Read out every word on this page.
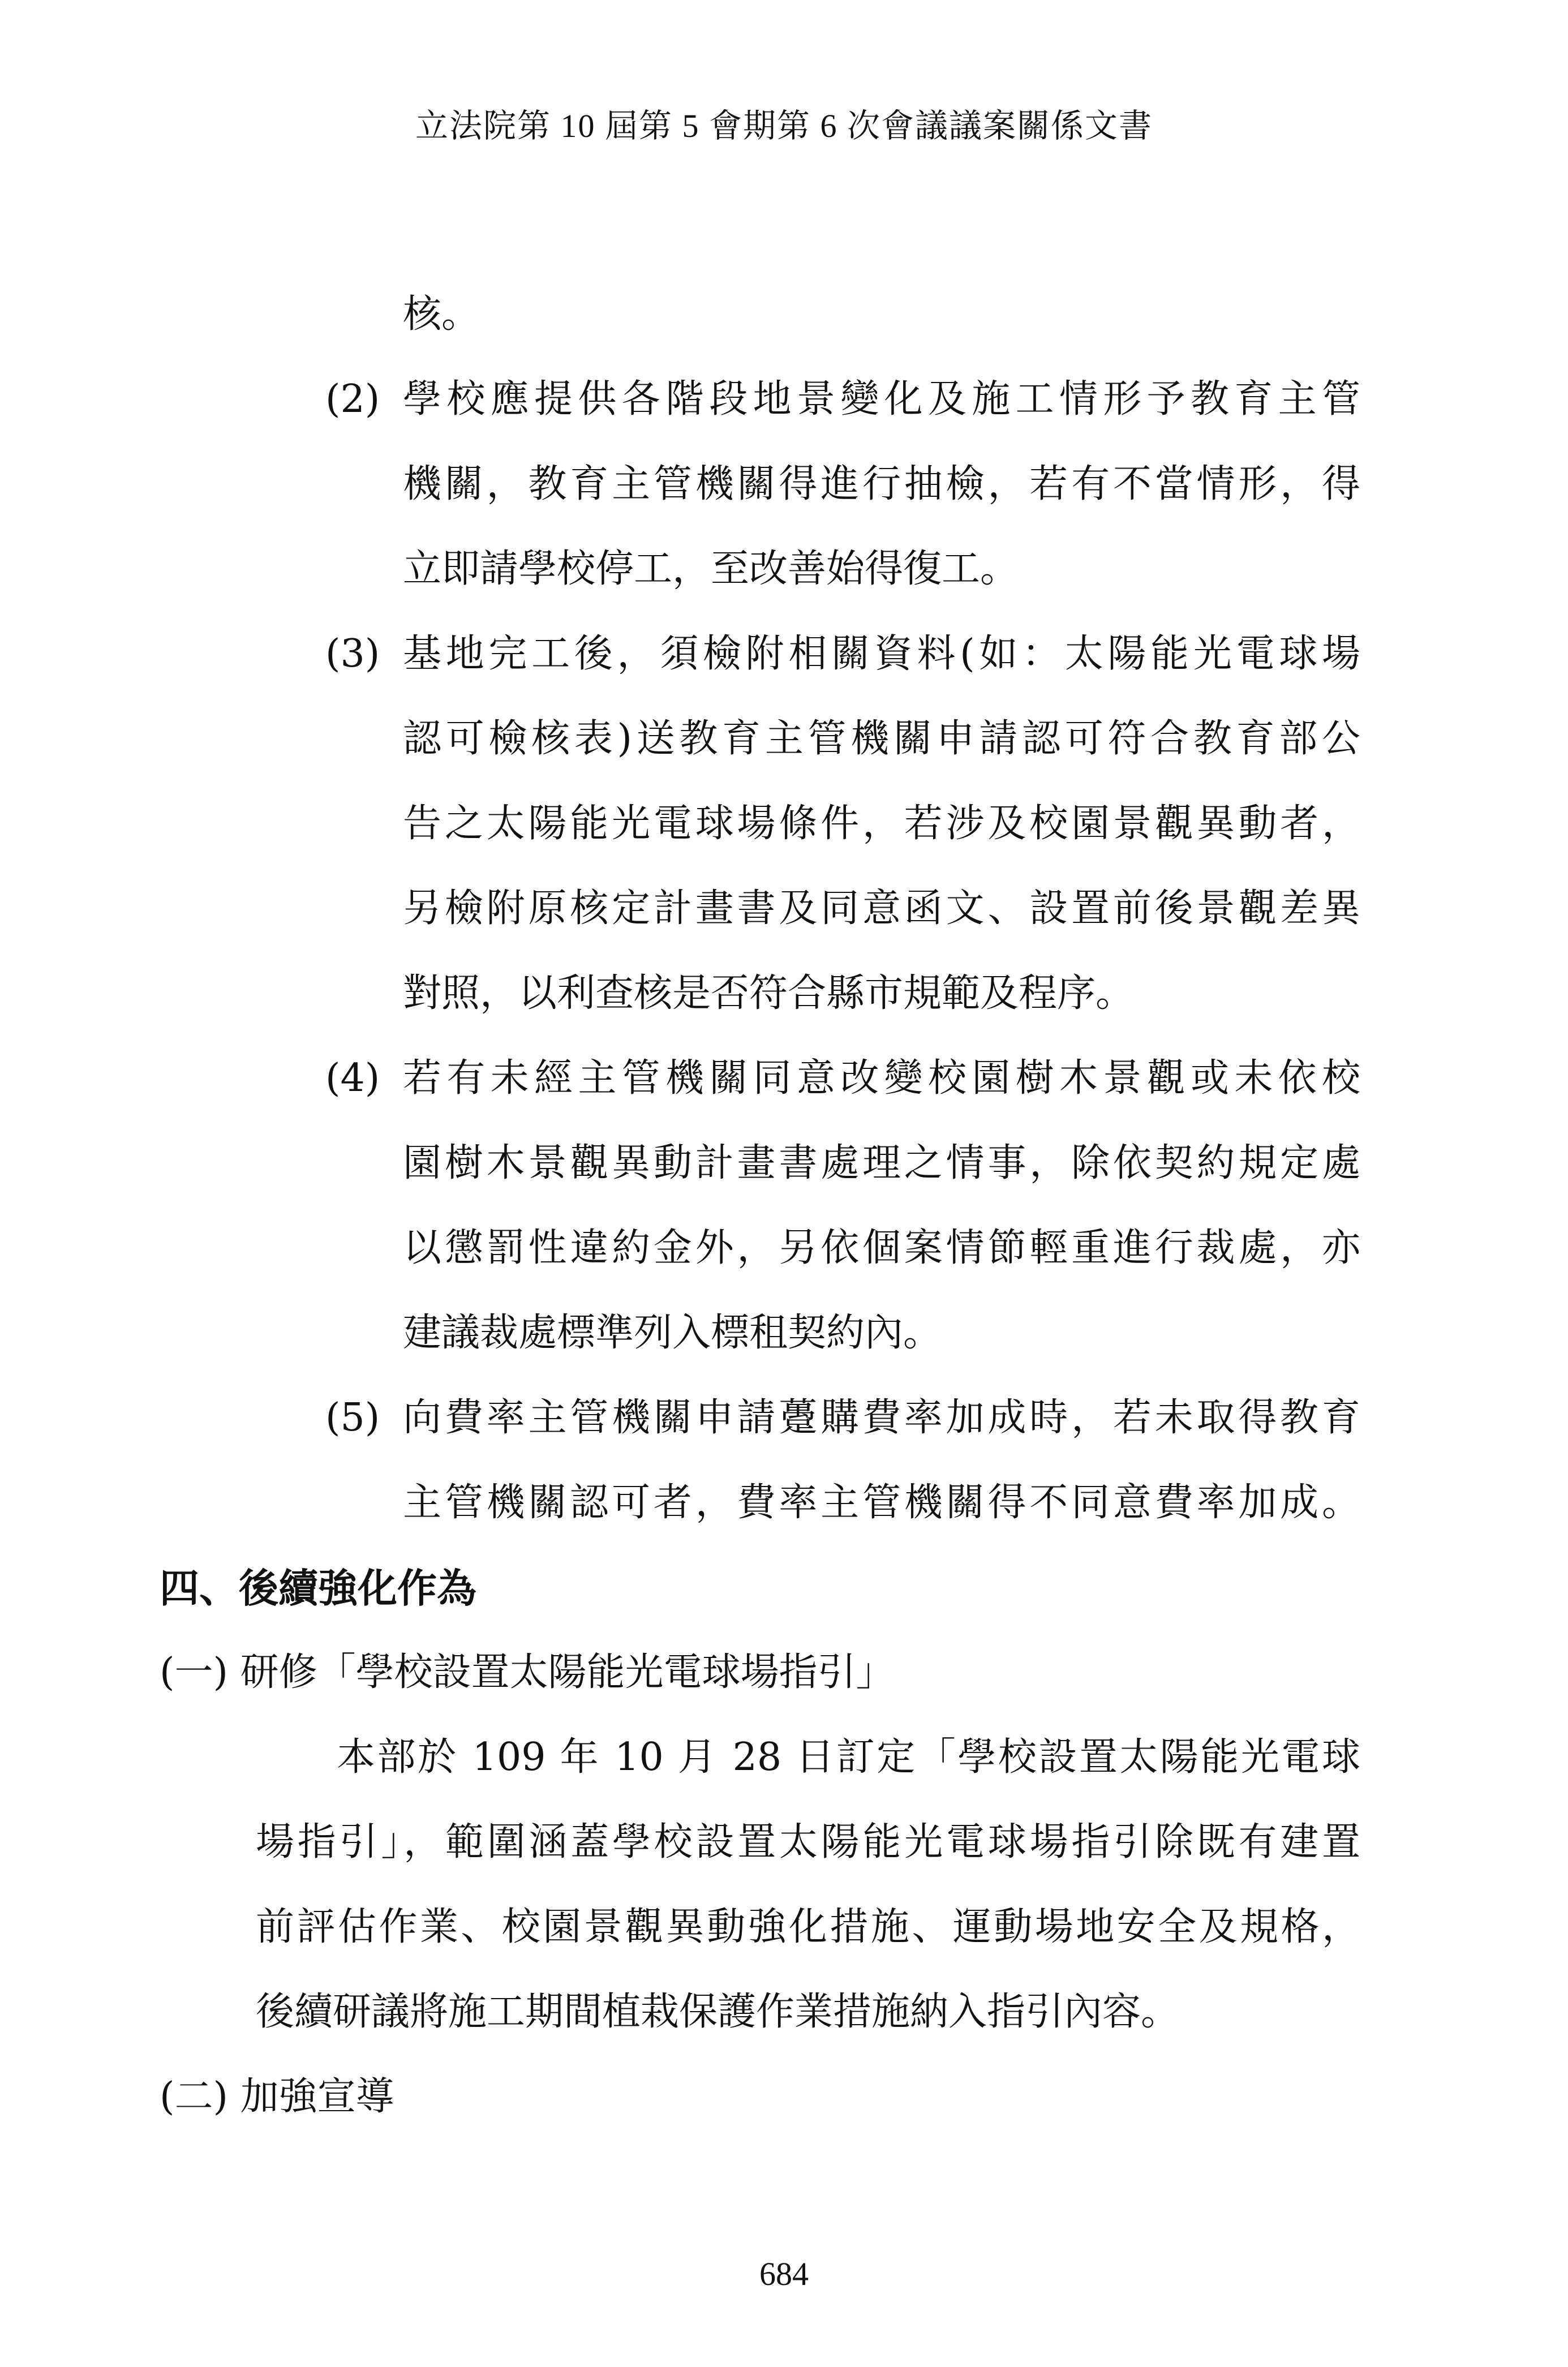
立法院第 10 屆第 5 會期第 6 次會議議案關係文書
核。
(2) 學校應提供各階段地景變化及施工情形予教育主管
機關，教育主管機關得進行抽檢，若有不當情形，得
立即請學校停工，至改善始得復工。
(3) 基地完工後，須檢附相關資料(如：太陽能光電球場
認可檢核表)送教育主管機關申請認可符合教育部公
告之太陽能光電球場條件，若涉及校園景觀異動者，
另檢附原核定計畫書及同意函文、設置前後景觀差異
對照，以利查核是否符合縣市規範及程序。
(4) 若有未經主管機關同意改變校園樹木景觀或未依校
園樹木景觀異動計畫書處理之情事，除依契約規定處
以懲罰性違約金外，另依個案情節輕重進行裁處，亦
建議裁處標準列入標租契約內。
(5) 向費率主管機關申請躉購費率加成時，若未取得教育
主管機關認可者，費率主管機關得不同意費率加成。
四、後續強化作為
(一) 研修「學校設置太陽能光電球場指引」
本部於 109 年 10 月 28 日訂定「學校設置太陽能光電球
場指引」，範圍涵蓋學校設置太陽能光電球場指引除既有建置
前評估作業、校園景觀異動強化措施、運動場地安全及規格，
後續研議將施工期間植栽保護作業措施納入指引內容。
(二) 加強宣導
684
